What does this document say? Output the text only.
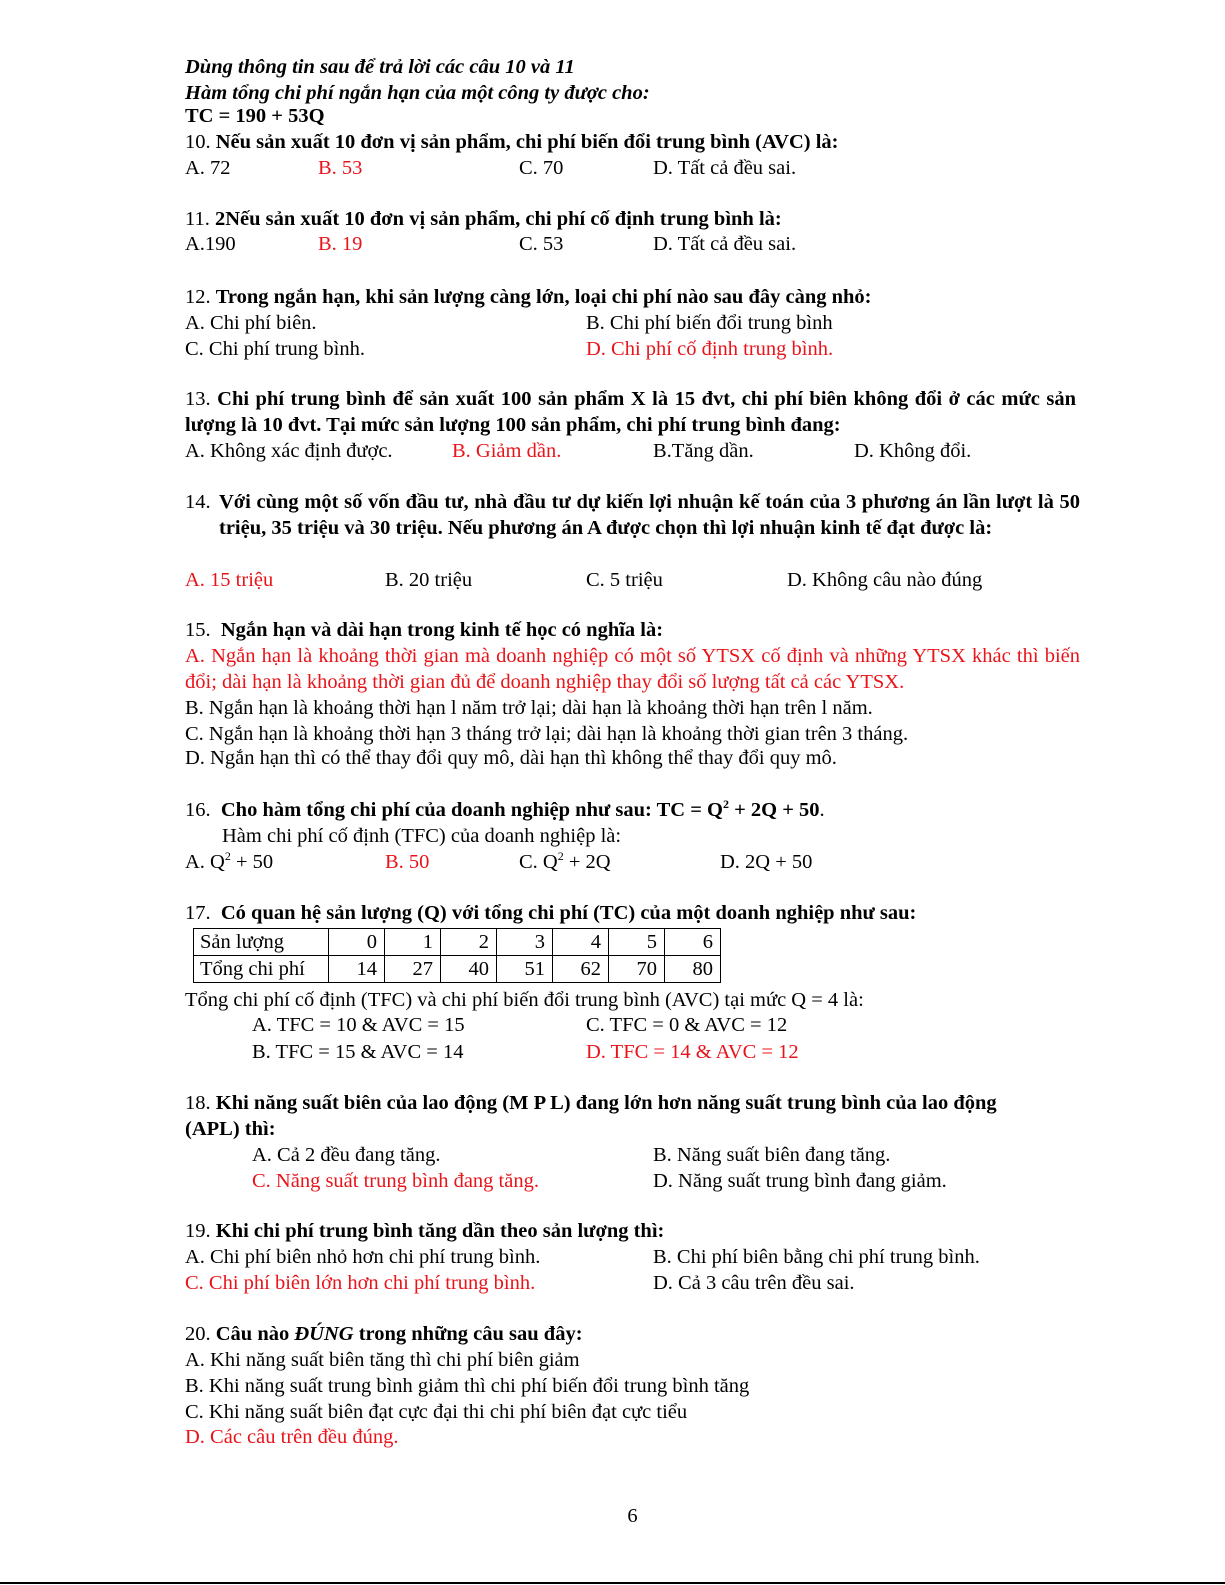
Dùng thông tin sau để trả lời các câu 10 và 11
Hàm tổng chi phí ngắn hạn của một công ty được cho:
TC = 190 + 53Q
10. Nếu sản xuất 10 đơn vị sản phẩm, chi phí biến đổi trung bình (AVC) là:
A. 72	B. 53	C. 70	D. Tất cả đều sai.
11. 2Nếu sản xuất 10 đơn vị sản phẩm, chi phí cố định trung bình là:
A.190	B. 19	C. 53	D. Tất cả đều sai.
12. Trong ngắn hạn, khi sản lượng càng lớn, loại chi phí nào sau đây càng nhỏ:
A. Chi phí biên.	B. Chi phí biến đổi trung bình
C. Chi phí trung bình.	D. Chi phí cố định trung bình.
13. Chi phí trung bình để sản xuất 100 sản phẩm X là 15 đvt, chi phí biên không đổi ở các mức sản lượng là 10 đvt. Tại mức sản lượng 100 sản phẩm, chi phí trung bình đang:
A. Không xác định được.	B. Giảm dần.	B.Tăng dần.	D. Không đổi.
14. Với cùng một số vốn đầu tư, nhà đầu tư dự kiến lợi nhuận kế toán của 3 phương án lần lượt là 50 triệu, 35 triệu và 30 triệu. Nếu phương án A được chọn thì lợi nhuận kinh tế đạt được là:
A. 15 triệu	B. 20 triệu	C. 5 triệu	D. Không câu nào đúng
15. Ngắn hạn và dài hạn trong kinh tế học có nghĩa là:
A. Ngắn hạn là khoảng thời gian mà doanh nghiệp có một số YTSX cố định và những YTSX khác thì biến đổi; dài hạn là khoảng thời gian đủ để doanh nghiệp thay đổi số lượng tất cả các YTSX.
B. Ngắn hạn là khoảng thời hạn l năm trở lại; dài hạn là khoảng thời hạn trên l năm.
C. Ngắn hạn là khoảng thời hạn 3 tháng trở lại; dài hạn là khoảng thời gian trên 3 tháng.
D. Ngắn hạn thì có thể thay đổi quy mô, dài hạn thì không thể thay đổi quy mô.
16. Cho hàm tổng chi phí của doanh nghiệp như sau: TC = $Q^2 + 2Q + 50$.
Hàm chi phí cố định (TFC) của doanh nghiệp là:
A. $Q^2 + 50$	B. 50	C. $Q^2 + 2Q$	D. 2Q + 50
17. Có quan hệ sản lượng (Q) với tổng chi phí (TC) của một doanh nghiệp như sau:
Sản lượng	0	1	2	3	4	5	6
Tổng chi phí	14	27	40	51	62	70	80
Tổng chi phí cố định (TFC) và chi phí biến đổi trung bình (AVC) tại mức Q = 4 là:
A. TFC = 10 & AVC = 15	C. TFC = 0 & AVC = 12
B. TFC = 15 & AVC = 14	D. TFC = 14 & AVC = 12
18. Khi năng suất biên của lao động (M P L) đang lớn hơn năng suất trung bình của lao động (APL) thì:
A. Cả 2 đều đang tăng.	B. Năng suất biên đang tăng.
C. Năng suất trung bình đang tăng.	D. Năng suất trung bình đang giảm.
19. Khi chi phí trung bình tăng dần theo sản lượng thì:
A. Chi phí biên nhỏ hơn chi phí trung bình.	B. Chi phí biên bằng chi phí trung bình.
C. Chi phí biên lớn hơn chi phí trung bình.	D. Cả 3 câu trên đều sai.
20. Câu nào ĐÚNG trong những câu sau đây:
A. Khi năng suất biên tăng thì chi phí biên giảm
B. Khi năng suất trung bình giảm thì chi phí biến đổi trung bình tăng
C. Khi năng suất biên đạt cực đại thi chi phí biên đạt cực tiểu
D. Các câu trên đều đúng.
6
